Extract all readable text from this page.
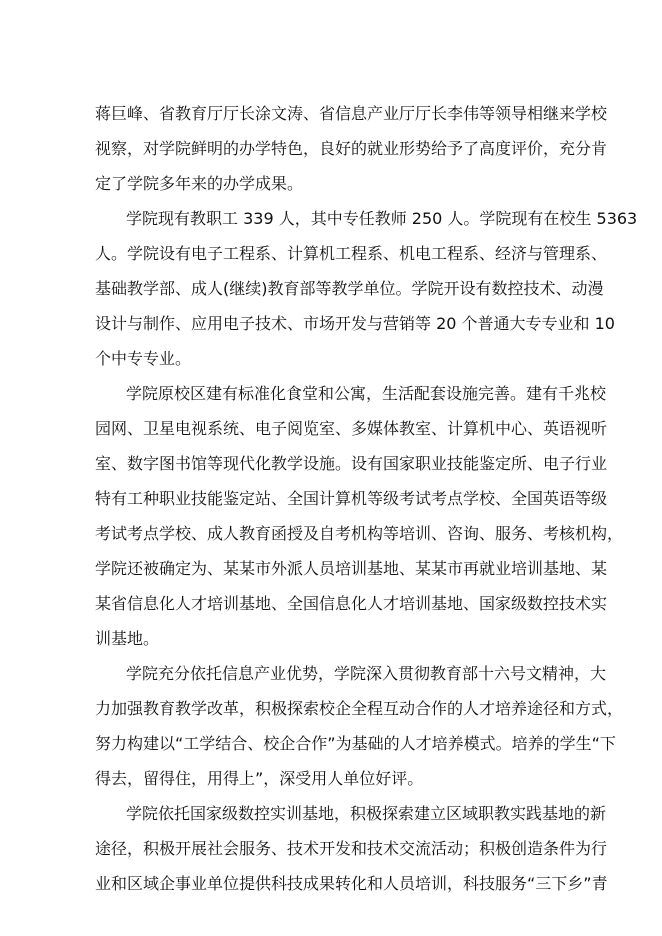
蒋巨峰、省教育厅厅长涂文涛、省信息产业厅厅长李伟等领导相继来学校
视察，对学院鲜明的办学特色，良好的就业形势给予了高度评价，充分肯
定了学院多年来的办学成果。
学院现有教职工 339 人，其中专任教师 250 人。学院现有在校生 5363
人。学院设有电子工程系、计算机工程系、机电工程系、经济与管理系、
基础教学部、成人(继续)教育部等教学单位。学院开设有数控技术、动漫
设计与制作、应用电子技术、市场开发与营销等 20 个普通大专专业和 10
个中专专业。
学院原校区建有标准化食堂和公寓，生活配套设施完善。建有千兆校
园网、卫星电视系统、电子阅览室、多媒体教室、计算机中心、英语视听
室、数字图书馆等现代化教学设施。设有国家职业技能鉴定所、电子行业
特有工种职业技能鉴定站、全国计算机等级考试考点学校、全国英语等级
考试考点学校、成人教育函授及自考机构等培训、咨询、服务、考核机构，
学院还被确定为、某某市外派人员培训基地、某某市再就业培训基地、某
某省信息化人才培训基地、全国信息化人才培训基地、国家级数控技术实
训基地。
学院充分依托信息产业优势，学院深入贯彻教育部十六号文精神，大
力加强教育教学改革，积极探索校企全程互动合作的人才培养途径和方式，
努力构建以“工学结合、校企合作”为基础的人才培养模式。培养的学生“下
得去，留得住，用得上”，深受用人单位好评。
学院依托国家级数控实训基地，积极探索建立区域职教实践基地的新
途径，积极开展社会服务、技术开发和技术交流活动；积极创造条件为行
业和区域企事业单位提供科技成果转化和人员培训，科技服务“三下乡”青
